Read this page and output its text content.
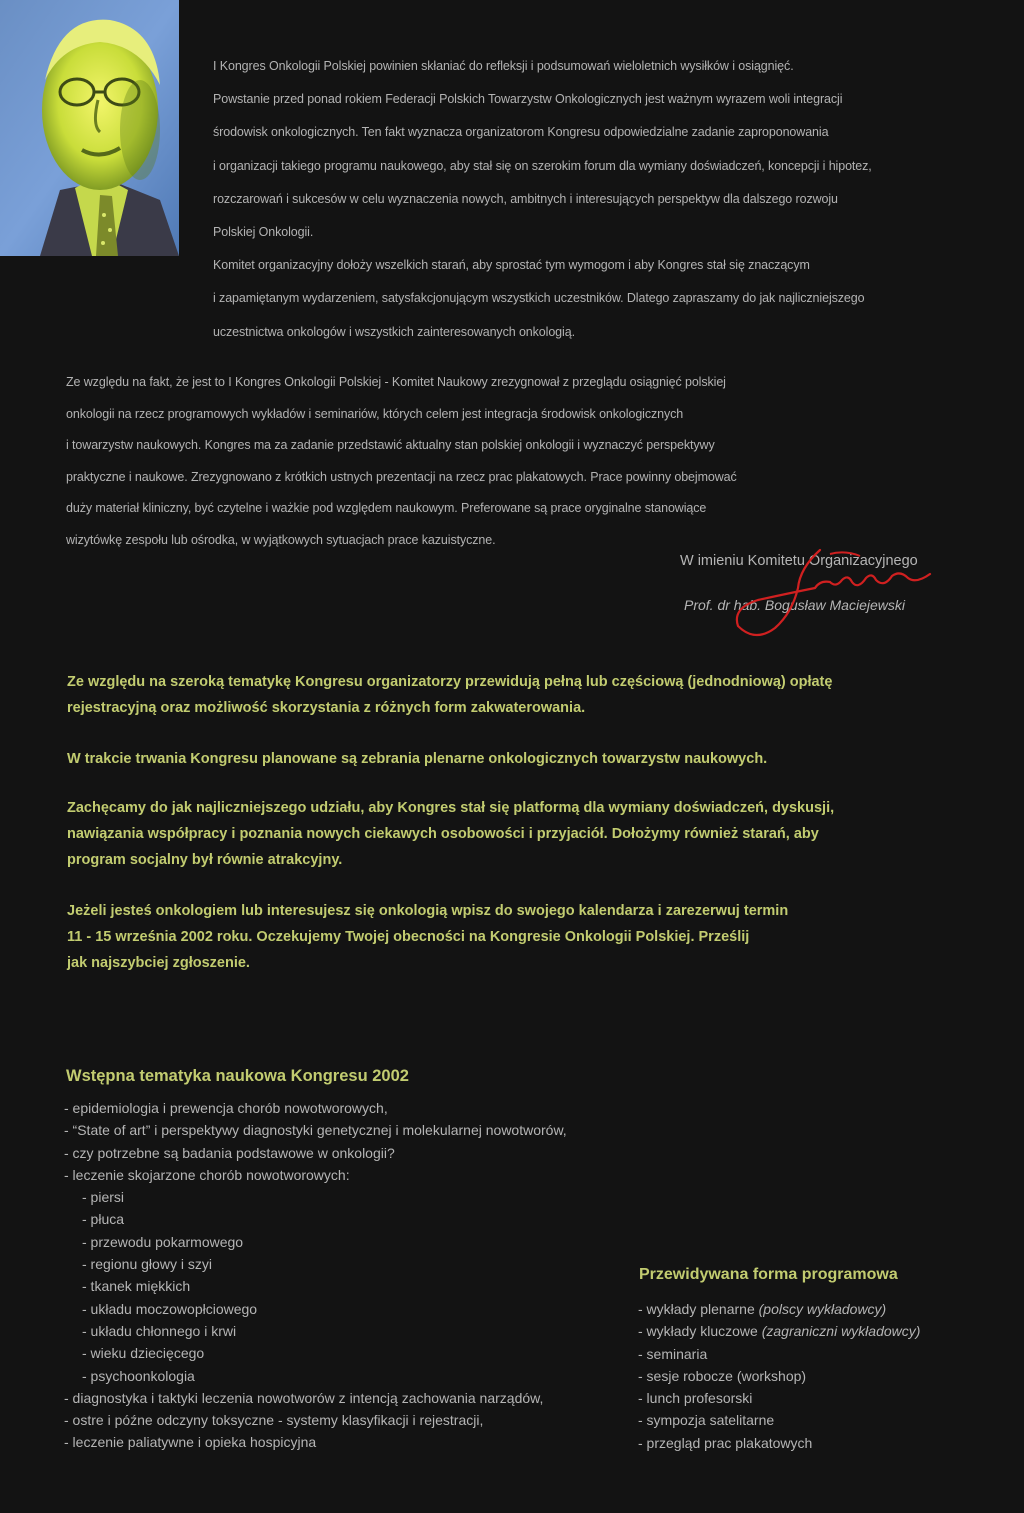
I Kongres Onkologii Polskiej powinien skłaniać do refleksji i podsumowań wieloletnich wysiłków i osiągnięć.
Powstanie przed ponad rokiem Federacji Polskich Towarzystw Onkologicznych jest ważnym wyrazem woli integracji
środowisk onkologicznych. Ten fakt wyznacza organizatorom Kongresu odpowiedzialne zadanie zaproponowania
i organizacji takiego programu naukowego, aby stał się on szerokim forum dla wymiany doświadczeń, koncepcji i hipotez,
rozczarowań i sukcesów w celu wyznaczenia nowych, ambitnych i interesujących perspektyw dla dalszego rozwoju
Polskiej Onkologii.
Komitet organizacyjny dołoży wszelkich starań, aby sprostać tym wymogom i aby Kongres stał się znaczącym
i zapamiętanym wydarzeniem, satysfakcjonującym wszystkich uczestników. Dlatego zapraszamy do jak najliczniejszego
uczestnictwa onkologów i wszystkich zainteresowanych onkologią.
Ze względu na fakt, że jest to I Kongres Onkologii Polskiej - Komitet Naukowy zrezygnował z przeglądu osiągnięć polskiej
onkologii na rzecz programowych wykładów i seminariów, których celem jest integracja środowisk onkologicznych
i towarzystw naukowych. Kongres ma za zadanie przedstawić aktualny stan polskiej onkologii i wyznaczyć perspektywy
praktyczne i naukowe. Zrezygnowano z krótkich ustnych prezentacji na rzecz prac plakatowych. Prace powinny obejmować
duży materiał kliniczny, być czytelne i ważkie pod względem naukowym. Preferowane są prace oryginalne stanowiące
wizytówkę zespołu lub ośrodka, w wyjątkowych sytuacjach prace kazuistyczne.
W imieniu Komitetu Organizacyjnego
Prof. dr hab. Bogusław Maciejewski
Ze względu na szeroką tematykę Kongresu organizatorzy przewidują pełną lub częściową (jednodniową) opłatę
rejestracyjną oraz możliwość skorzystania z różnych form zakwaterowania.
W trakcie trwania Kongresu planowane są zebrania plenarne onkologicznych towarzystw naukowych.
Zachęcamy do jak najliczniejszego udziału, aby Kongres stał się platformą dla wymiany doświadczeń, dyskusji,
nawiązania współpracy i poznania nowych ciekawych osobowości i przyjaciół. Dołożymy również starań, aby
program socjalny był równie atrakcyjny.
Jeżeli jesteś onkologiem lub interesujesz się onkologią wpisz do swojego kalendarza i zarezerwuj termin
11 - 15 września 2002 roku. Oczekujemy Twojej obecności na Kongresie Onkologii Polskiej. Prześlij
jak najszybciej zgłoszenie.
Wstępna tematyka naukowa Kongresu 2002
- epidemiologia i prewencja chorób nowotworowych,
- “State of art” i perspektywy diagnostyki genetycznej i molekularnej nowotworów,
- czy potrzebne są badania podstawowe w onkologii?
- leczenie skojarzone chorób nowotworowych:
- piersi
- płuca
- przewodu pokarmowego
- regionu głowy i szyi
- tkanek miękkich
- układu moczowopłciowego
- układu chłonnego i krwi
- wieku dziecięcego
- psychoonkologia
- diagnostyka i taktyki leczenia nowotworów z intencją zachowania narządów,
- ostre i późne odczyny toksyczne - systemy klasyfikacji i rejestracji,
- leczenie paliatywne i opieka hospicyjna
Przewidywana forma programowa
- wykłady plenarne (polscy wykładowcy)
- wykłady kluczowe (zagraniczni wykładowcy)
- seminaria
- sesje robocze (workshop)
- lunch profesorski
- sympozja satelitarne
- przegląd prac plakatowych
